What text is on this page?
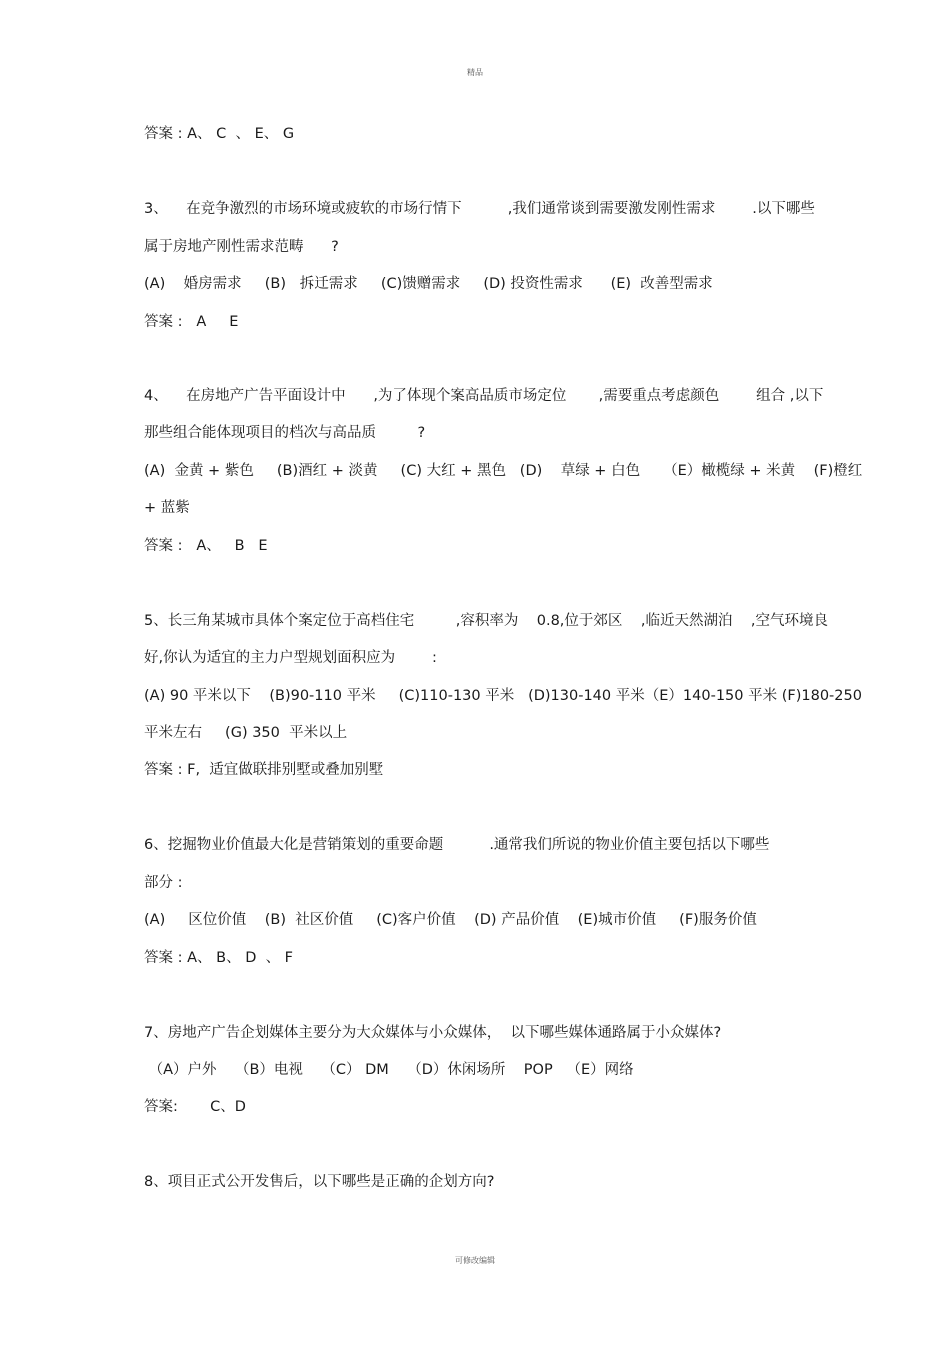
精品
答案 : A、 C  、 E、 G
3、    在竞争激烈的市场环境或疲软的市场行情下          ,我们通常谈到需要激发刚性需求        .以下哪些
属于房地产刚性需求范畴      ?
(A)    婚房需求     (B)   拆迁需求     (C)馈赠需求     (D) 投资性需求      (E)  改善型需求
答案 :   A     E
4、    在房地产广告平面设计中      ,为了体现个案高品质市场定位       ,需要重点考虑颜色        组合 ,以下
那些组合能体现项目的档次与高品质         ?
(A)  金黄 + 紫色     (B)酒红 + 淡黄     (C) 大红 + 黑色   (D)    草绿 + 白色     （E）橄榄绿 + 米黄    (F)橙红
+ 蓝紫
答案 :   A、   B   E
5、长三角某城市具体个案定位于高档住宅         ,容积率为    0.8,位于郊区    ,临近天然湖泊    ,空气环境良
好,你认为适宜的主力户型规划面积应为        :
(A) 90 平米以下    (B)90-110 平米     (C)110-130 平米   (D)130-140 平米（E）140-150 平米 (F)180-250
平米左右     (G) 350  平米以上
答案 : F,  适宜做联排别墅或叠加别墅
6、挖掘物业价值最大化是营销策划的重要命题          .通常我们所说的物业价值主要包括以下哪些
部分 :
(A)     区位价值    (B)  社区价值     (C)客户价值    (D) 产品价值    (E)城市价值     (F)服务价值
答案 : A、 B、 D  、 F
7、房地产广告企划媒体主要分为大众媒体与小众媒体，  以下哪些媒体通路属于小众媒体?
（A）户外    （B）电视    （C） DM    （D）休闲场所    POP   （E）网络
答案:       C、D
8、项目正式公开发售后，以下哪些是正确的企划方向?
可修改编辑
